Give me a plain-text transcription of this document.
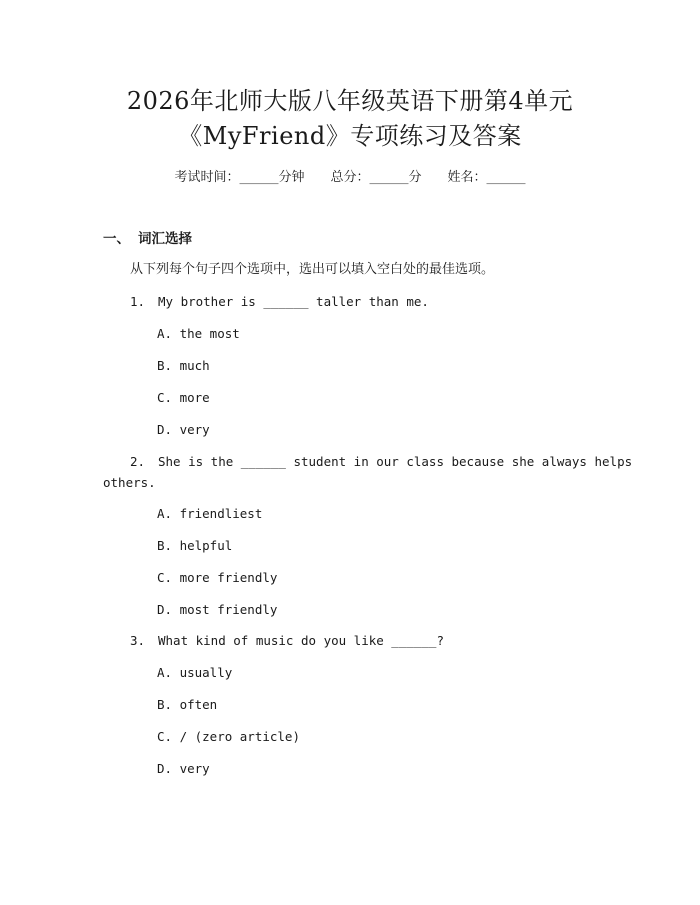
2026年北师大版八年级英语下册第4单元
《MyFriend》专项练习及答案
考试时间：______分钟 总分：______分 姓名：______
一、 词汇选择
从下列每个句子四个选项中，选出可以填入空白处的最佳选项。
1. My brother is ______ taller than me.
A. the most
B. much
C. more
D. very
2. She is the ______ student in our class because she always helps
others.
A. friendliest
B. helpful
C. more friendly
D. most friendly
3. What kind of music do you like ______?
A. usually
B. often
C. / (zero article)
D. very
